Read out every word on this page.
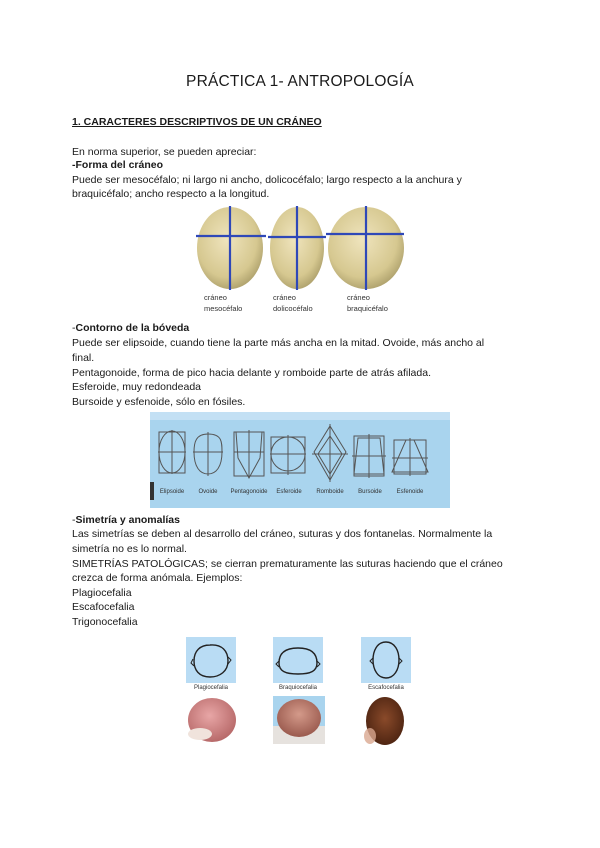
PRÁCTICA 1- ANTROPOLOGÍA
1. CARACTERES DESCRIPTIVOS DE UN CRÁNEO
En norma superior, se pueden apreciar:
-Forma del cráneo
Puede ser mesocéfalo; ni largo ni ancho, dolicocéfalo; largo respecto a la anchura y
braquicéfalo; ancho respecto a la longitud.
cráneo
mesocéfalo
cráneo
dolicocéfalo
cráneo
braquicéfalo
-Contorno de la bóveda
Puede ser elipsoide, cuando tiene la parte más ancha en la mitad. Ovoide, más ancho al
final.
Pentagonoide, forma de pico hacia delante y romboide parte de atrás afilada.
Esferoide, muy redondeada
Bursoide y esfenoide, sólo en fósiles.
Elipsoide	Ovoide	Pentagonoide	Esferoide	Romboide	Bursoide	Esfenoide
-Simetría y anomalías
Las simetrías se deben al desarrollo del cráneo, suturas y dos fontanelas. Normalmente la
simetría no es lo normal.
SIMETRÍAS PATOLÓGICAS; se cierran prematuramente las suturas haciendo que el cráneo
crezca de forma anómala. Ejemplos:
Plagiocefalia
Escafocefalia
Trigonocefalia
Plagiocefalia	Braquiocefalia	Escafocefalia
